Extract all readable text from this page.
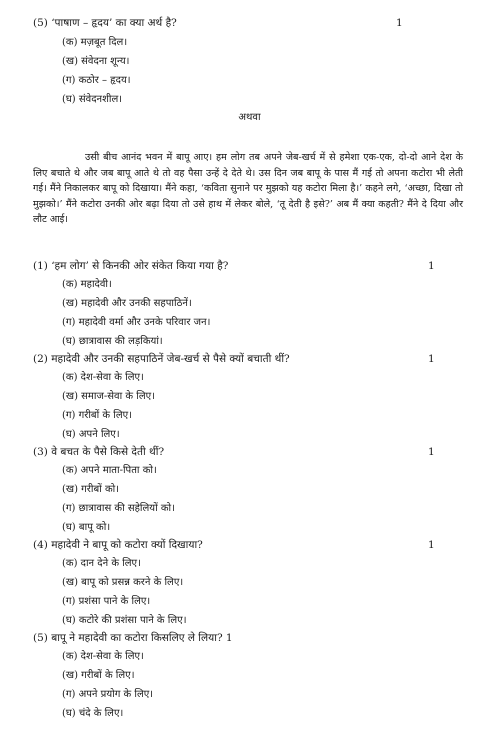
(5) ‘पाषाण – हृदय’ का क्या अर्थ है?	1
(क) मज़बूत दिल।
(ख) संवेदना शून्य।
(ग) कठोर – हृदय।
(घ) संवेदनशील।
अथवा

उसी बीच आनंद भवन में बापू आए। हम लोग तब अपने जेब-खर्च में से हमेशा एक-एक, दो-दो आने देश के लिए बचाते थे और जब बापू आते थे तो वह पैसा उन्हें दे देते थे। उस दिन जब बापू के पास मैं गई तो अपना कटोरा भी लेती गई। मैंने निकालकर बापू को दिखाया। मैंने कहा, ‘कविता सुनाने पर मुझको यह कटोरा मिला है।’ कहने लगे, ‘अच्छा, दिखा तो मुझको।’ मैंने कटोरा उनकी ओर बढ़ा दिया तो उसे हाथ में लेकर बोले, ‘तू देती है इसे?’ अब मैं क्या कहती? मैंने दे दिया और लौट आई।

(1) ‘हम लोग’ से किनकी ओर संकेत किया गया है?	1
(क) महादेवी।
(ख) महादेवी और उनकी सहपाठिनें।
(ग) महादेवी वर्मा और उनके परिवार जन।
(घ) छात्रावास की लड़कियां।
(2) महादेवी और उनकी सहपाठिनें जेब-खर्च से पैसे क्यों बचाती थीं?	1
(क) देश-सेवा के लिए।
(ख) समाज-सेवा के लिए।
(ग) गरीबों के लिए।
(घ) अपने लिए।
(3) वे बचत के पैसे किसे देती थीं?	1
(क) अपने माता-पिता को।
(ख) गरीबों को।
(ग) छात्रावास की सहेलियों को।
(घ) बापू को।
(4) महादेवी ने बापू को कटोरा क्यों दिखाया?	1
(क) दान देने के लिए।
(ख) बापू को प्रसन्न करने के लिए।
(ग) प्रशंसा पाने के लिए।
(घ) कटोरे की प्रशंसा पाने के लिए।
(5) बापू ने महादेवी का कटोरा किसलिए ले लिया? 1
(क) देश-सेवा के लिए।
(ख) गरीबों के लिए।
(ग) अपने प्रयोग के लिए।
(घ) चंदे के लिए।
